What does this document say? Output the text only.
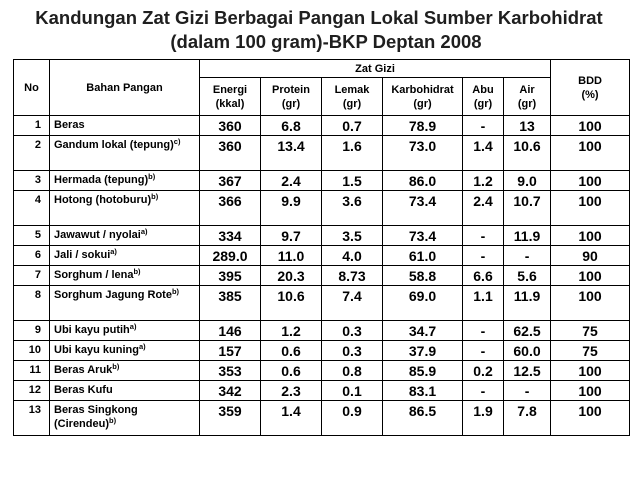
Kandungan Zat Gizi Berbagai Pangan Lokal Sumber Karbohidrat
(dalam 100 gram)-BKP Deptan 2008
No	Bahan Pangan	Zat Gizi						BDD (%)
		Energi (kkal)	Protein (gr)	Lemak (gr)	Karbohidrat (gr)	Abu (gr)	Air (gr)	
1	Beras	360	6.8	0.7	78.9	-	13	100
2	Gandum lokal (tepung)$^{c)}$	360	13.4	1.6	73.0	1.4	10.6	100
3	Hermada (tepung)$^{b)}$	367	2.4	1.5	86.0	1.2	9.0	100
4	Hotong (hotoburu)$^{b)}$	366	9.9	3.6	73.4	2.4	10.7	100
5	Jawawut / nyolai$^{a)}$	334	9.7	3.5	73.4	-	11.9	100
6	Jali / sokui$^{a)}$	289.0	11.0	4.0	61.0	-	-	90
7	Sorghum / lena$^{b)}$	395	20.3	8.73	58.8	6.6	5.6	100
8	Sorghum Jagung Rote$^{b)}$	385	10.6	7.4	69.0	1.1	11.9	100
9	Ubi kayu putih$^{a)}$	146	1.2	0.3	34.7	-	62.5	75
10	Ubi kayu kuning$^{a)}$	157	0.6	0.3	37.9	-	60.0	75
11	Beras Aruk$^{b)}$	353	0.6	0.8	85.9	0.2	12.5	100
12	Beras Kufu	342	2.3	0.1	83.1	-	-	100
13	Beras Singkong (Cirendeu)$^{b)}$	359	1.4	0.9	86.5	1.9	7.8	100
